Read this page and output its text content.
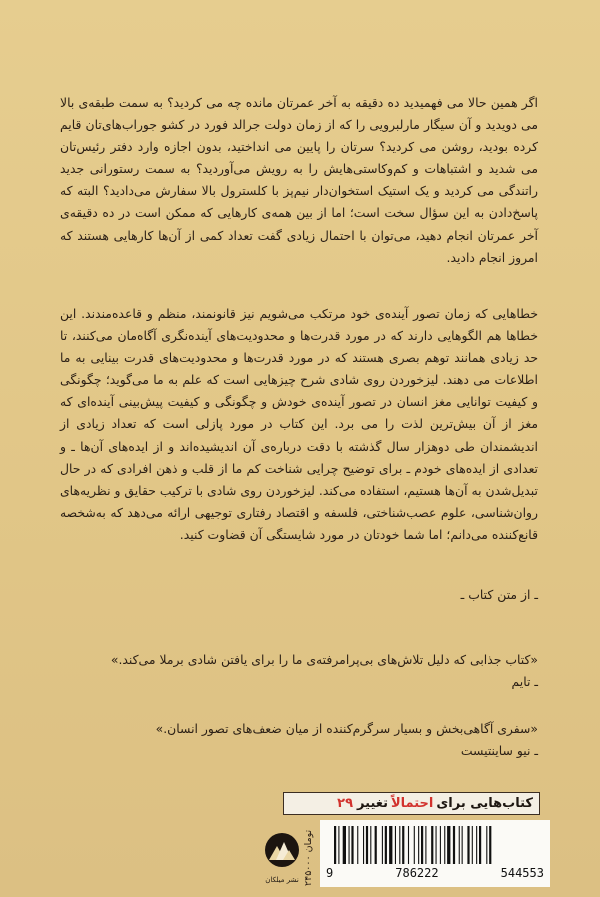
اگر همین حالا می فهمیدید ده دقیقه به آخر عمرتان مانده چه می کردید؟ به سمت طبقه‌ی بالا می دویدید و آن سیگار مارلبرویی را که از زمان دولت جرالد فورد در کشو جوراب‌های‌تان قایم کرده بودید، روشن می کردید؟ سرتان را پایین می انداختید، بدون اجازه وارد دفتر رئیس‌تان می شدید و اشتباهات و کم‌وکاستی‌هایش را به رویش می‌آوردید؟ به سمت رستورانی جدید راتندگی می کردید و یک استیک استخوان‌دار نیم‌پز با کلسترول بالا سفارش می‌دادید؟ البته که پاسخ‌دادن به این سؤال سخت است؛ اما از بین همه‌ی کارهایی که ممکن است در ده دقیقه‌ی آخر عمرتان انجام دهید، می‌توان با احتمال زیادی گفت تعداد کمی از آن‌ها کارهایی هستند که امروز انجام دادید.

خطاهایی که زمان تصور آینده‌ی خود مرتکب می‌شویم نیز قانونمند، منظم و قاعده‌مندند. این خطاها هم الگوهایی دارند که در مورد قدرت‌ها و محدودیت‌های آینده‌نگری آگاه‌مان می‌کنند، تا حد زیادی همانند توهم بصری هستند که در مورد قدرت‌ها و محدودیت‌های قدرت بینایی به ما اطلاعات می دهند. لیزخوردن روی شادی شرح چیزهایی است که علم به ما می‌گوید؛ چگونگی و کیفیت توانایی مغز انسان در تصور آینده‌ی خودش و چگونگی و کیفیت پیش‌بینی آینده‌ای که مغز از آن بیش‌ترین لذت را می برد. این کتاب در مورد پازلی است که تعداد زیادی از اندیشمندان طی دوهزار سال گذشته با دقت درباره‌ی آن اندیشیده‌اند و از ایده‌های آن‌ها ـ و تعدادی از ایده‌های خودم ـ برای توضیح چرایی شناخت کم ما از قلب و ذهن افرادی که در حال تبدیل‌شدن به آن‌ها هستیم، استفاده می‌کند. لیزخوردن روی شادی با ترکیب حقایق و نظریه‌های روان‌شناسی، علوم عصب‌شناختی، فلسفه و اقتصاد رفتاری توجیهی ارائه می‌دهد که به‌شخصه قانع‌کننده می‌دانم؛ اما شما خودتان در مورد شایستگی آن قضاوت کنید.

ـ از متن کتاب ـ
«کتاب جذابی که دلیل تلاش‌های بی‌پرامرفته‌ی ما را برای یافتن شادی برملا می‌کند.»
ـ تایم
«سفری آگاهی‌بخش و بسیار سرگرم‌کننده از میان ضعف‌های تصور انسان.»
ـ نیو ساینتیست
کتاب‌هایی برای
احتمالاً
تغییر
۲۹
۲۴۵۰۰۰ تومان
9	786222	544553
نشر میلکان
